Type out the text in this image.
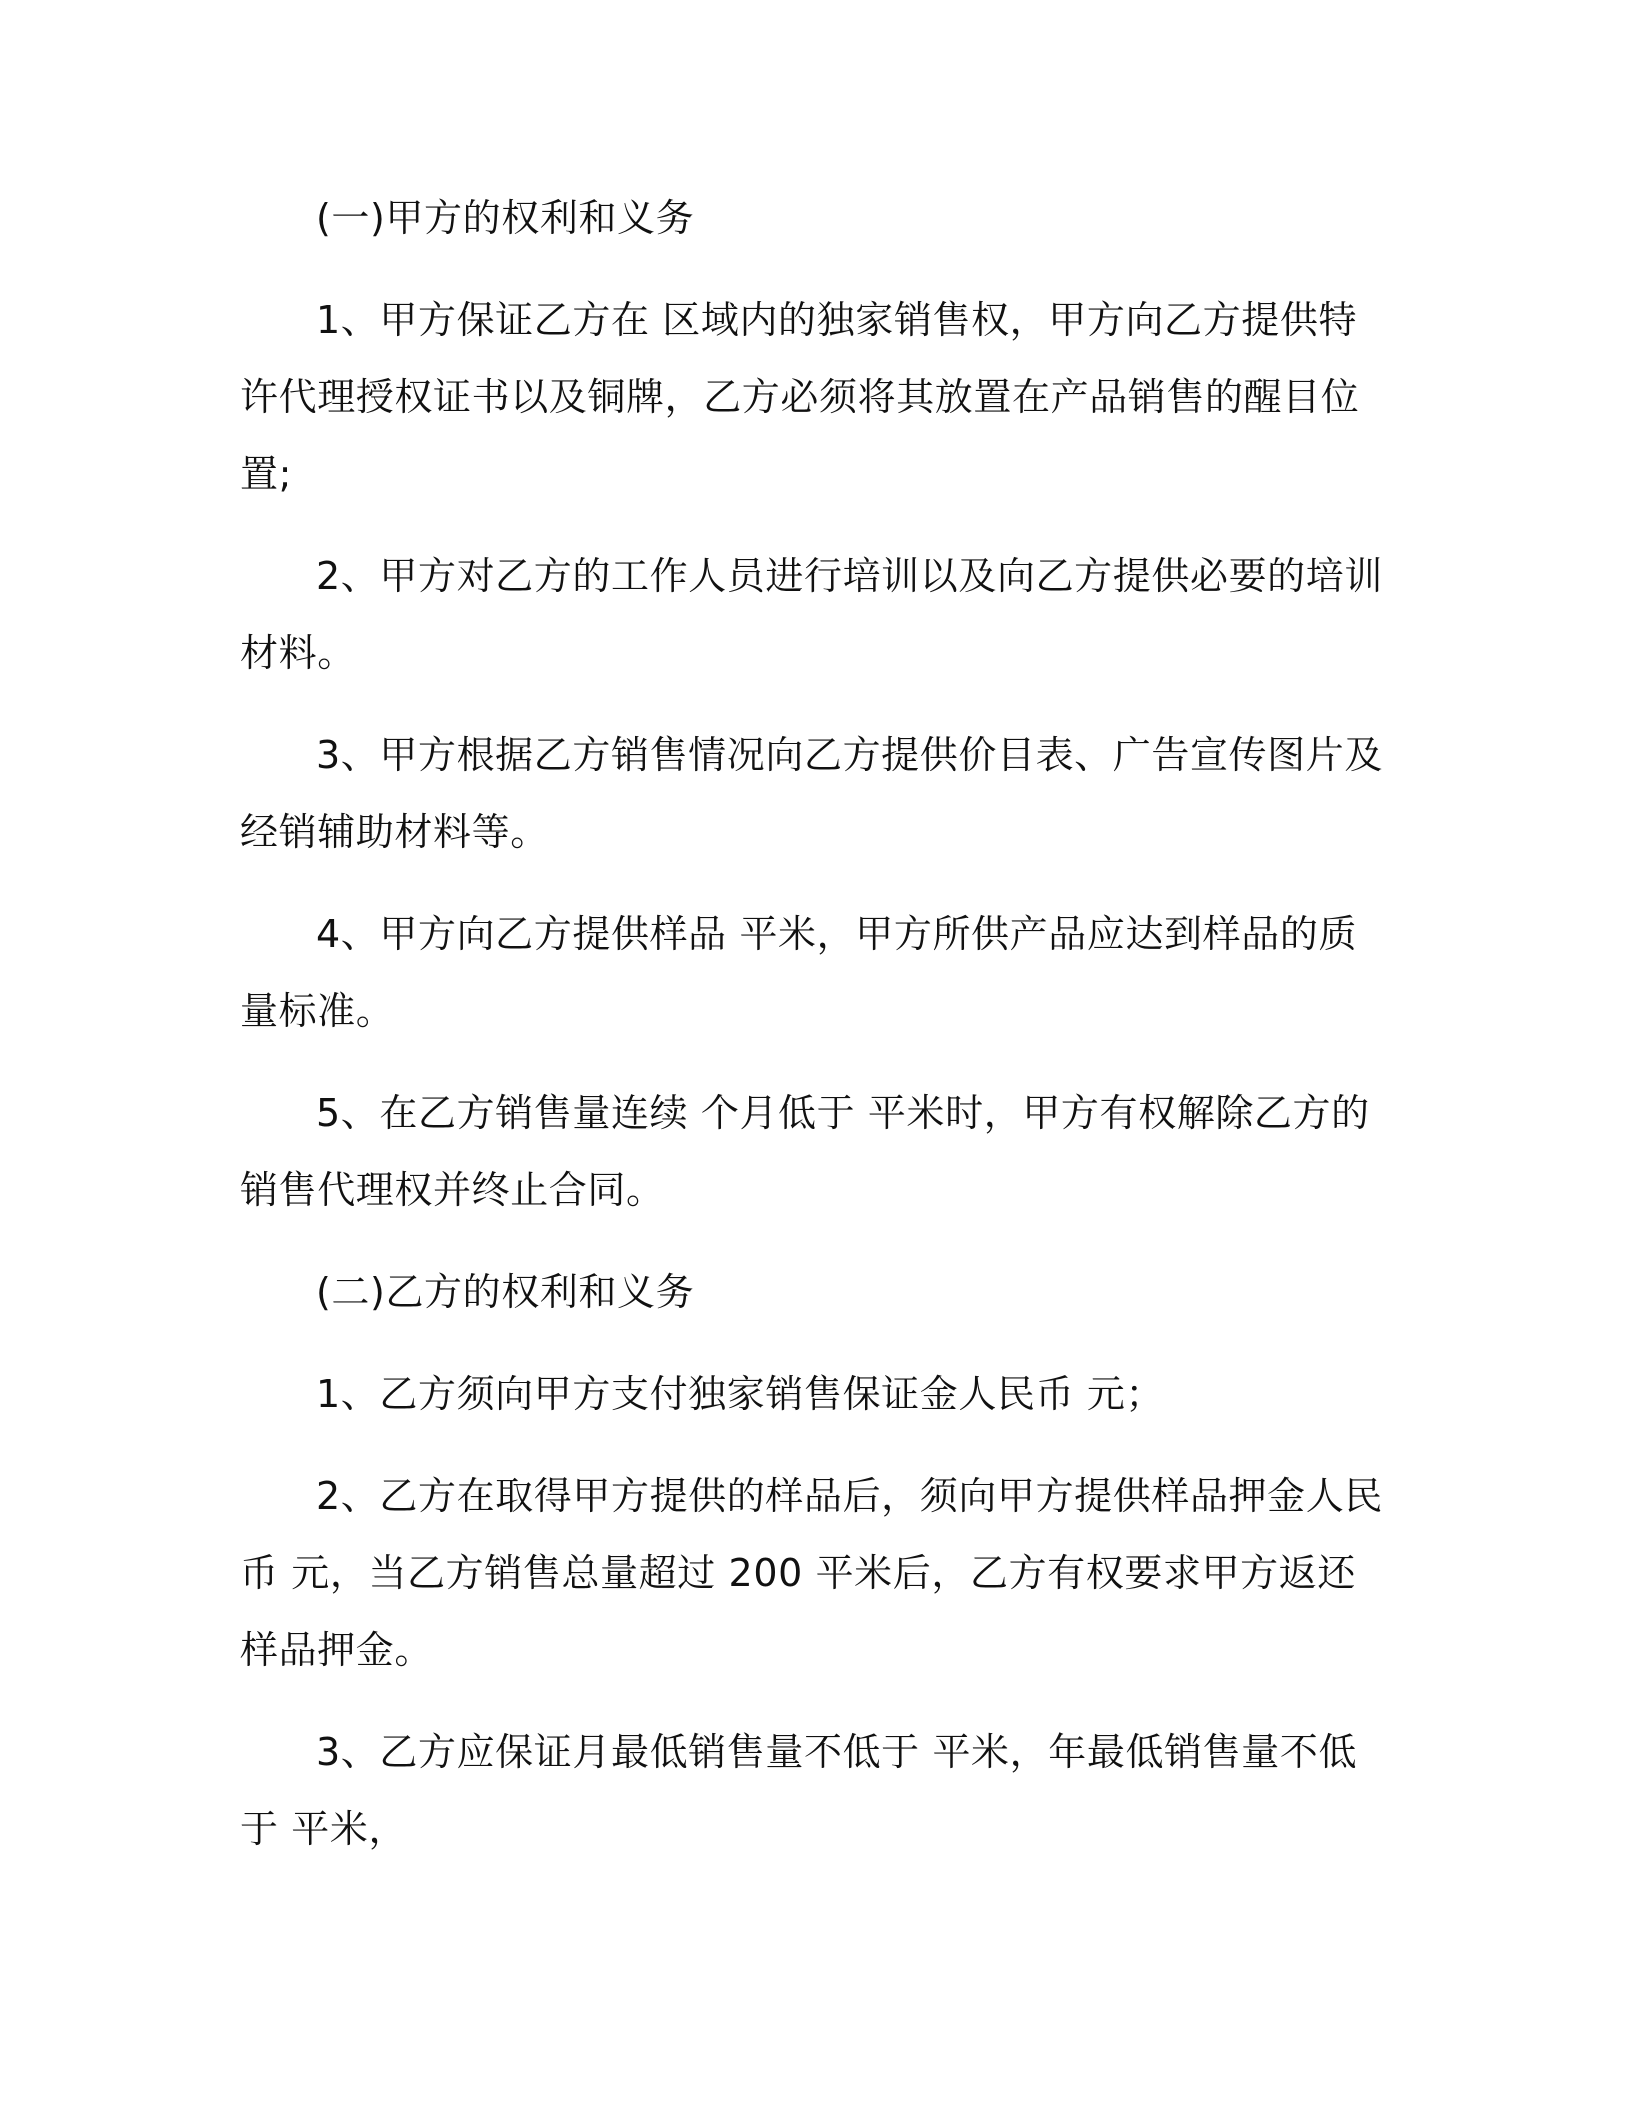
(一)甲方的权利和义务

1、甲方保证乙方在 区域内的独家销售权，甲方向乙方提供特许代理授权证书以及铜牌，乙方必须将其放置在产品销售的醒目位置;

2、甲方对乙方的工作人员进行培训以及向乙方提供必要的培训材料。

3、甲方根据乙方销售情况向乙方提供价目表、广告宣传图片及经销辅助材料等。

4、甲方向乙方提供样品 平米，甲方所供产品应达到样品的质量标准。

5、在乙方销售量连续 个月低于 平米时，甲方有权解除乙方的销售代理权并终止合同。

(二)乙方的权利和义务

1、乙方须向甲方支付独家销售保证金人民币 元；

2、乙方在取得甲方提供的样品后，须向甲方提供样品押金人民币 元，当乙方销售总量超过 200 平米后，乙方有权要求甲方返还样品押金。

3、乙方应保证月最低销售量不低于 平米，年最低销售量不低于 平米，
